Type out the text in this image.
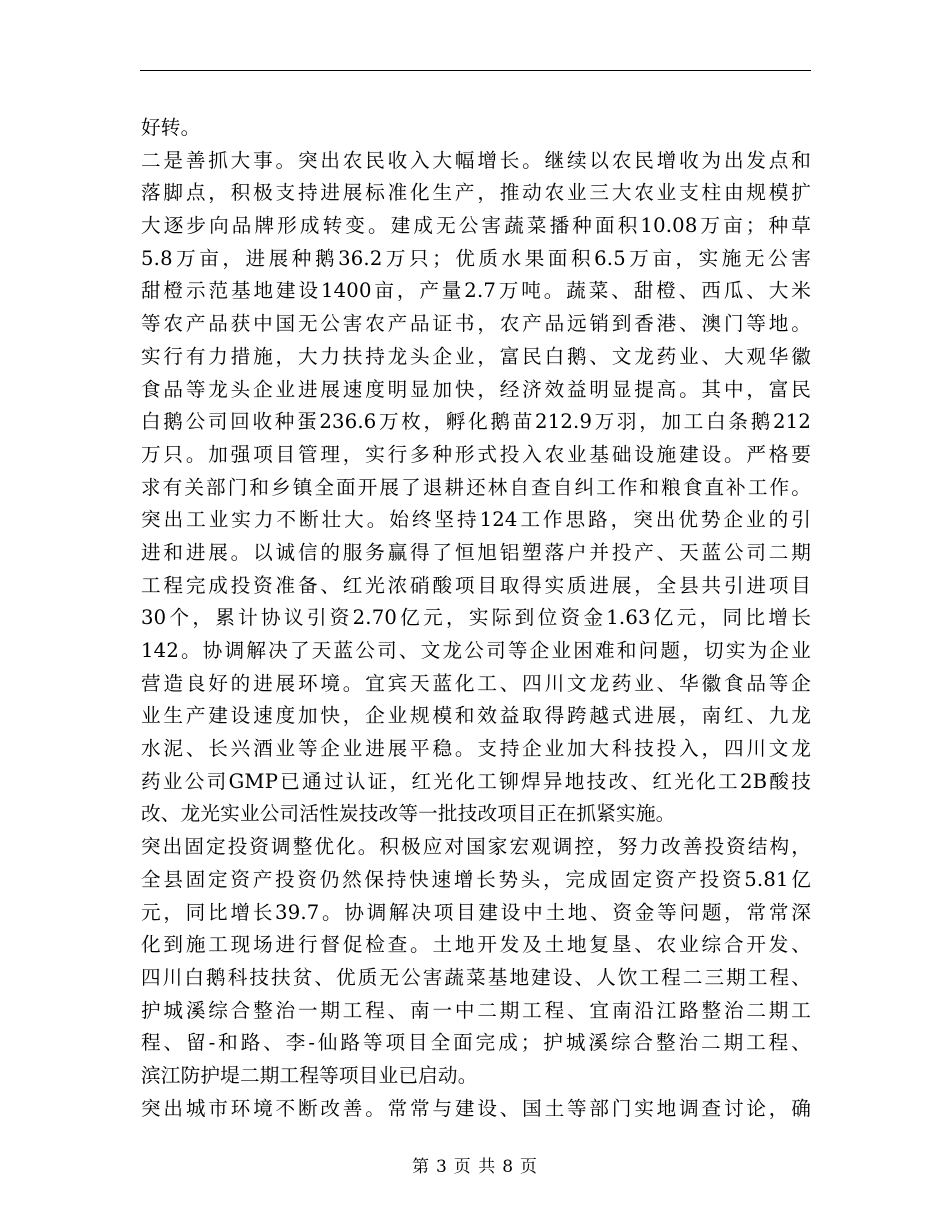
好转。
二是善抓大事。突出农民收入大幅增长。继续以农民增收为出发点和
落脚点，积极支持进展标准化生产，推动农业三大农业支柱由规模扩
大逐步向品牌形成转变。建成无公害蔬菜播种面积10.08万亩；种草
5.8万亩，进展种鹅36.2万只；优质水果面积6.5万亩，实施无公害
甜橙示范基地建设1400亩，产量2.7万吨。蔬菜、甜橙、西瓜、大米
等农产品获中国无公害农产品证书，农产品远销到香港、澳门等地。
实行有力措施，大力扶持龙头企业，富民白鹅、文龙药业、大观华徽
食品等龙头企业进展速度明显加快，经济效益明显提高。其中，富民
白鹅公司回收种蛋236.6万枚，孵化鹅苗212.9万羽，加工白条鹅212
万只。加强项目管理，实行多种形式投入农业基础设施建设。严格要
求有关部门和乡镇全面开展了退耕还林自查自纠工作和粮食直补工作。
突出工业实力不断壮大。始终坚持124工作思路，突出优势企业的引
进和进展。以诚信的服务赢得了恒旭铝塑落户并投产、天蓝公司二期
工程完成投资准备、红光浓硝酸项目取得实质进展，全县共引进项目
30个，累计协议引资2.70亿元，实际到位资金1.63亿元，同比增长
142。协调解决了天蓝公司、文龙公司等企业困难和问题，切实为企业
营造良好的进展环境。宜宾天蓝化工、四川文龙药业、华徽食品等企
业生产建设速度加快，企业规模和效益取得跨越式进展，南红、九龙
水泥、长兴酒业等企业进展平稳。支持企业加大科技投入，四川文龙
药业公司GMP已通过认证，红光化工铆焊异地技改、红光化工2B酸技
改、龙光实业公司活性炭技改等一批技改项目正在抓紧实施。
突出固定投资调整优化。积极应对国家宏观调控，努力改善投资结构，
全县固定资产投资仍然保持快速增长势头，完成固定资产投资5.81亿
元，同比增长39.7。协调解决项目建设中土地、资金等问题，常常深
化到施工现场进行督促检查。土地开发及土地复垦、农业综合开发、
四川白鹅科技扶贫、优质无公害蔬菜基地建设、人饮工程二三期工程、
护城溪综合整治一期工程、南一中二期工程、宜南沿江路整治二期工
程、留-和路、李-仙路等项目全面完成；护城溪综合整治二期工程、
滨江防护堤二期工程等项目业已启动。
突出城市环境不断改善。常常与建设、国土等部门实地调查讨论，确
第 3 页 共 8 页
